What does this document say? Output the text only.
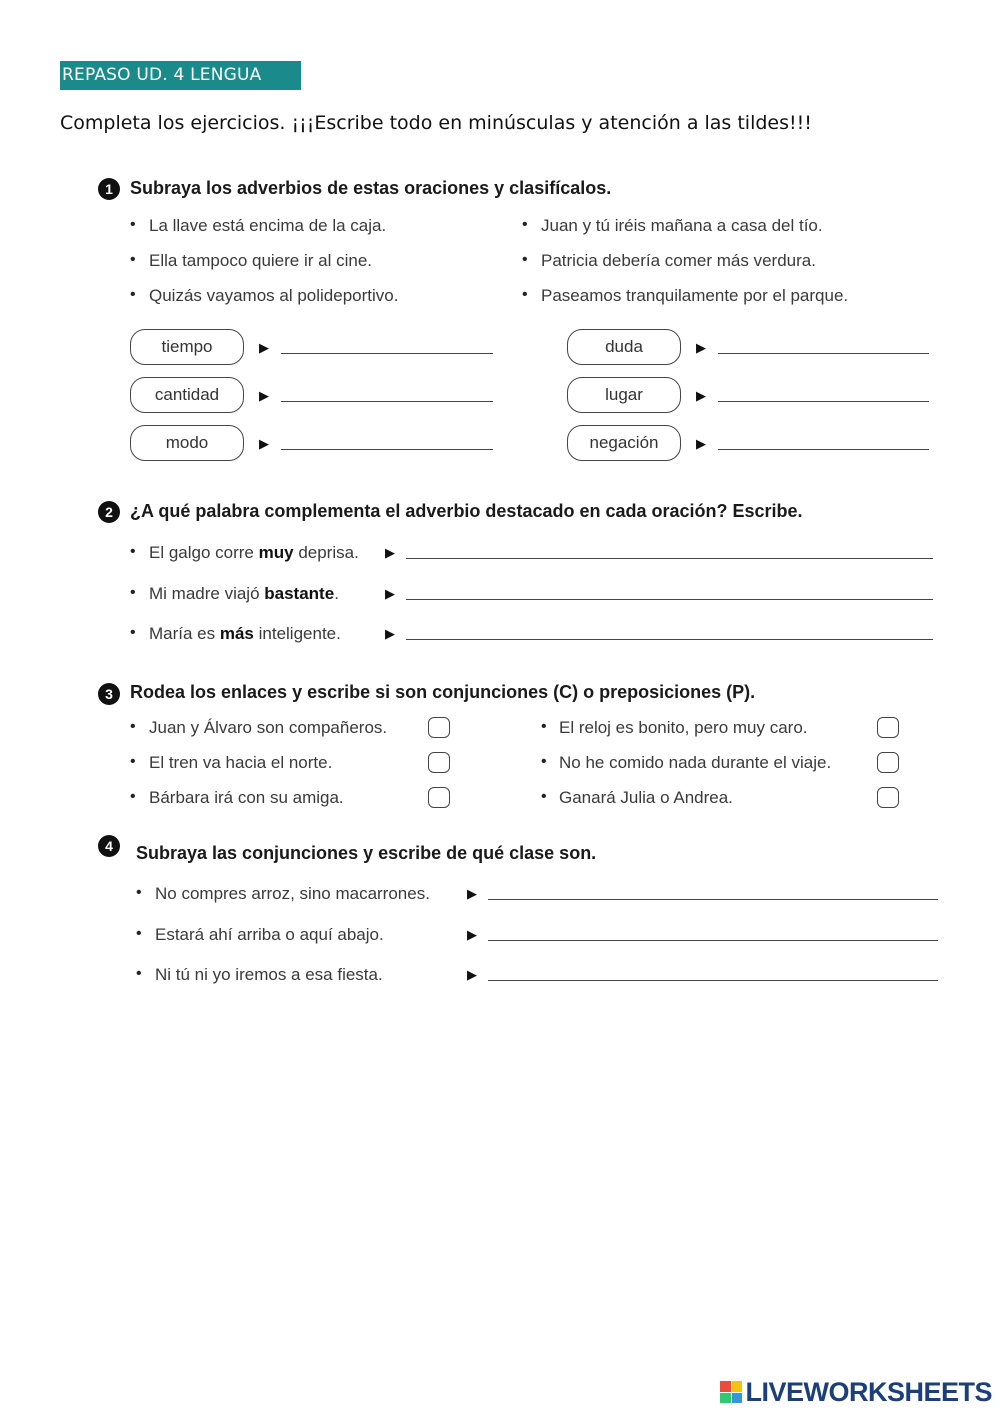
REPASO UD. 4 LENGUA
Completa los ejercicios. ¡¡¡Escribe todo en minúsculas y atención a las tildes!!!
1 Subraya los adverbios de estas oraciones y clasifícalos.
• La llave está encima de la caja.
• Ella tampoco quiere ir al cine.
• Quizás vayamos al polideportivo.
• Juan y tú iréis mañana a casa del tío.
• Patricia debería comer más verdura.
• Paseamos tranquilamente por el parque.
tiempo	▶
cantidad	▶
modo	▶
duda	▶
lugar	▶
negación	▶
2 ¿A qué palabra complementa el adverbio destacado en cada oración? Escribe.
• El galgo corre muy deprisa. ▶
• Mi madre viajó bastante.	▶
• María es más inteligente.	▶
3 Rodea los enlaces y escribe si son conjunciones (C) o preposiciones (P).
• Juan y Álvaro son compañeros.
• El tren va hacia el norte.
• Bárbara irá con su amiga.
• El reloj es bonito, pero muy caro.
• No he comido nada durante el viaje.
• Ganará Julia o Andrea.
4	Subraya las conjunciones y escribe de qué clase son.
• No compres arroz, sino macarrones.	▶
• Estará ahí arriba o aquí abajo.	▶
• Ni tú ni yo iremos a esa fiesta.	▶
LIVEWORKSHEETS
